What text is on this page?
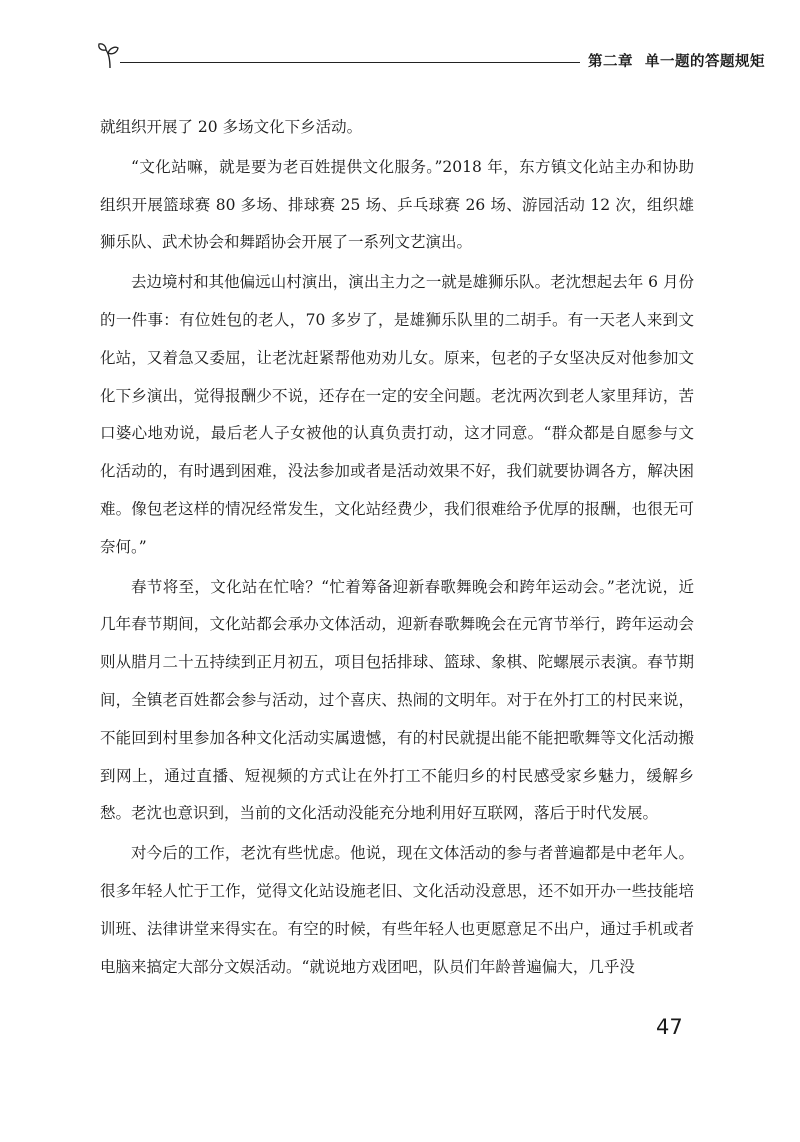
第二章 单一题的答题规矩

就组织开展了 20 多场文化下乡活动。

“文化站嘛，就是要为老百姓提供文化服务。”2018 年，东方镇文化站主办和协助组织开展篮球赛 80 多场、排球赛 25 场、乒乓球赛 26 场、游园活动 12 次，组织雄狮乐队、武术协会和舞蹈协会开展了一系列文艺演出。

去边境村和其他偏远山村演出，演出主力之一就是雄狮乐队。老沈想起去年 6 月份的一件事：有位姓包的老人，70 多岁了，是雄狮乐队里的二胡手。有一天老人来到文化站，又着急又委屈，让老沈赶紧帮他劝劝儿女。原来，包老的子女坚决反对他参加文化下乡演出，觉得报酬少不说，还存在一定的安全问题。老沈两次到老人家里拜访，苦口婆心地劝说，最后老人子女被他的认真负责打动，这才同意。“群众都是自愿参与文化活动的，有时遇到困难，没法参加或者是活动效果不好，我们就要协调各方，解决困难。像包老这样的情况经常发生，文化站经费少，我们很难给予优厚的报酬，也很无可奈何。”

春节将至，文化站在忙啥？“忙着筹备迎新春歌舞晚会和跨年运动会。”老沈说，近几年春节期间，文化站都会承办文体活动，迎新春歌舞晚会在元宵节举行，跨年运动会则从腊月二十五持续到正月初五，项目包括排球、篮球、象棋、陀螺展示表演。春节期间，全镇老百姓都会参与活动，过个喜庆、热闹的文明年。对于在外打工的村民来说，不能回到村里参加各种文化活动实属遗憾，有的村民就提出能不能把歌舞等文化活动搬到网上，通过直播、短视频的方式让在外打工不能归乡的村民感受家乡魅力，缓解乡愁。老沈也意识到，当前的文化活动没能充分地利用好互联网，落后于时代发展。

对今后的工作，老沈有些忧虑。他说，现在文体活动的参与者普遍都是中老年人。很多年轻人忙于工作，觉得文化站设施老旧、文化活动没意思，还不如开办一些技能培训班、法律讲堂来得实在。有空的时候，有些年轻人也更愿意足不出户，通过手机或者电脑来搞定大部分文娱活动。“就说地方戏团吧，队员们年龄普遍偏大，几乎没

47
